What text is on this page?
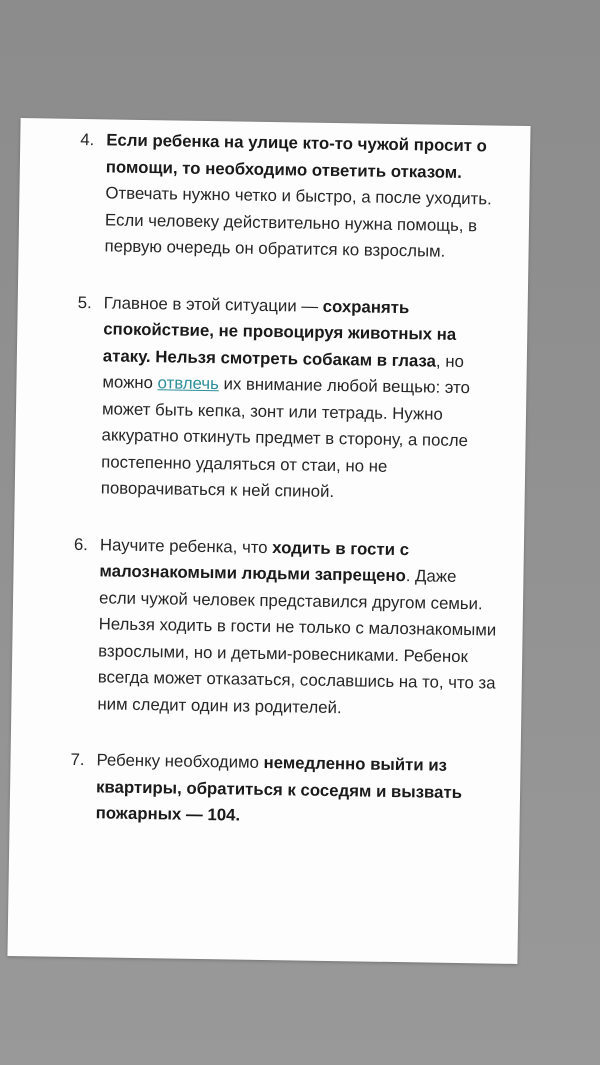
4. Если ребенка на улице кто-то чужой просит о помощи, то необходимо ответить отказом. Отвечать нужно четко и быстро, а после уходить. Если человеку действительно нужна помощь, в первую очередь он обратится ко взрослым.
5. Главное в этой ситуации — сохранять спокойствие, не провоцируя животных на атаку. Нельзя смотреть собакам в глаза, но можно отвлечь их внимание любой вещью: это может быть кепка, зонт или тетрадь. Нужно аккуратно откинуть предмет в сторону, а после постепенно удаляться от стаи, но не поворачиваться к ней спиной.
6. Научите ребенка, что ходить в гости с малознакомыми людьми запрещено. Даже если чужой человек представился другом семьи. Нельзя ходить в гости не только с малознакомыми взрослыми, но и детьми-ровесниками. Ребенок всегда может отказаться, сославшись на то, что за ним следит один из родителей.
7. Ребенку необходимо немедленно выйти из квартиры, обратиться к соседям и вызвать пожарных — 104.
